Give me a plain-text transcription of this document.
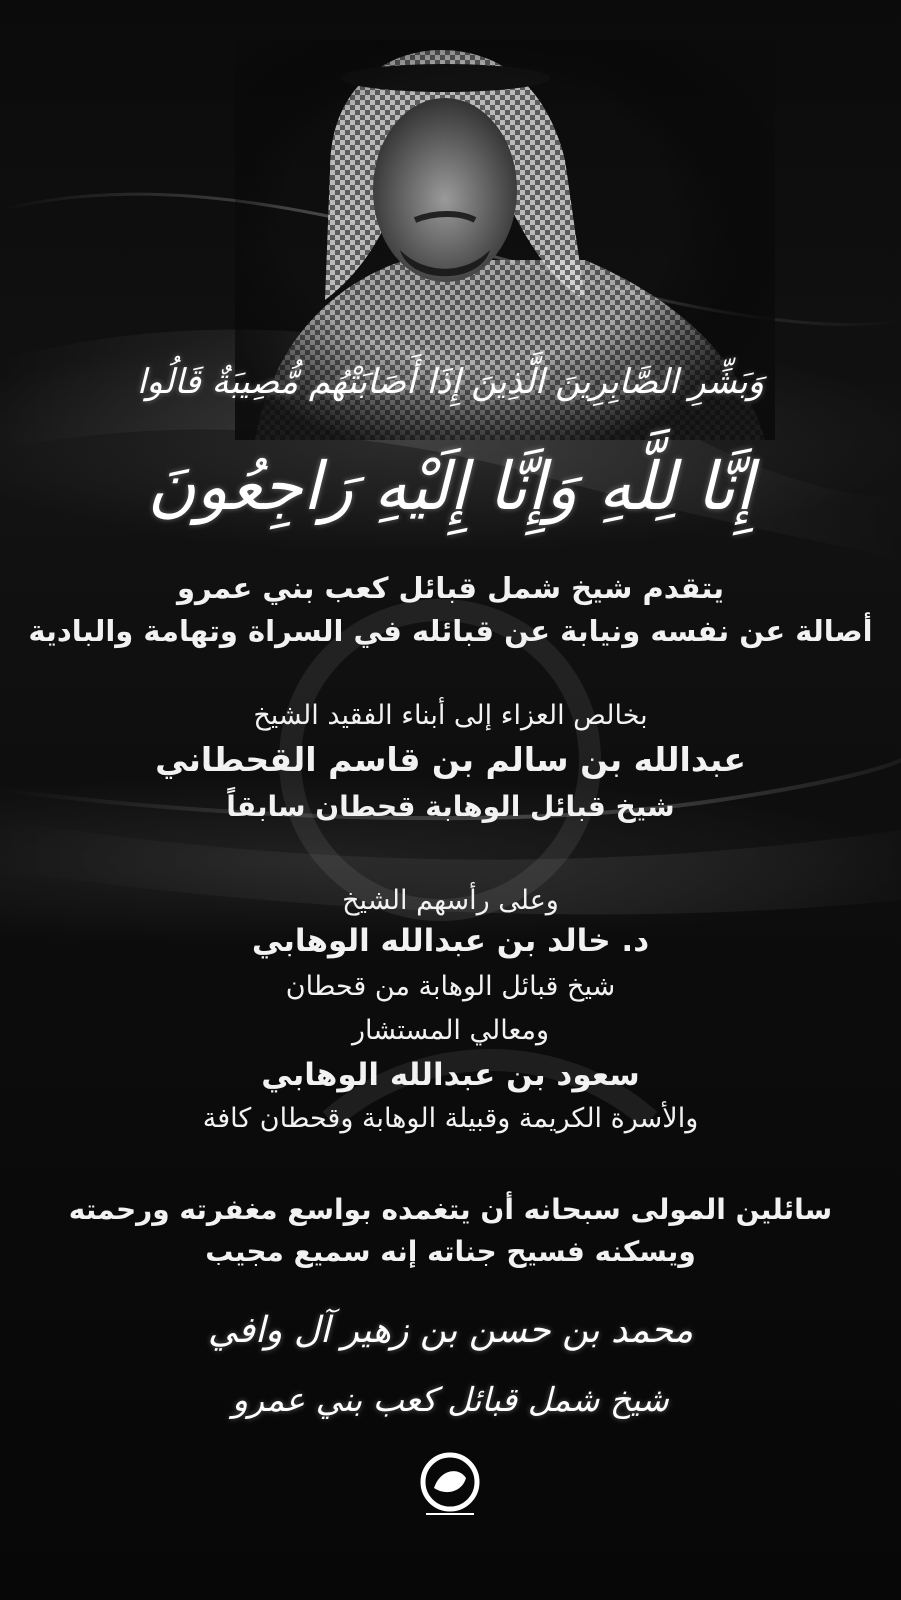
وَبَشِّرِ الصَّابِرِينَ الَّذِينَ إِذَا أَصَابَتْهُم مُّصِيبَةٌ قَالُوا
إِنَّا لِلَّهِ وَإِنَّا إِلَيْهِ رَاجِعُونَ
يتقدم شيخ شمل قبائل كعب بني عمرو
أصالة عن نفسه ونيابة عن قبائله في السراة وتهامة والبادية
بخالص العزاء إلى أبناء الفقيد الشيخ
عبدالله بن سالم بن قاسم القحطاني
شيخ قبائل الوهابة قحطان سابقاً
وعلى رأسهم الشيخ
د. خالد بن عبدالله الوهابي
شيخ قبائل الوهابة من قحطان
ومعالي المستشار
سعود بن عبدالله الوهابي
والأسرة الكريمة وقبيلة الوهابة وقحطان كافة
سائلين المولى سبحانه أن يتغمده بواسع مغفرته ورحمته
ويسكنه فسيح جناته إنه سميع مجيب
محمد بن حسن بن زهير آل وافي
شيخ شمل قبائل كعب بني عمرو
